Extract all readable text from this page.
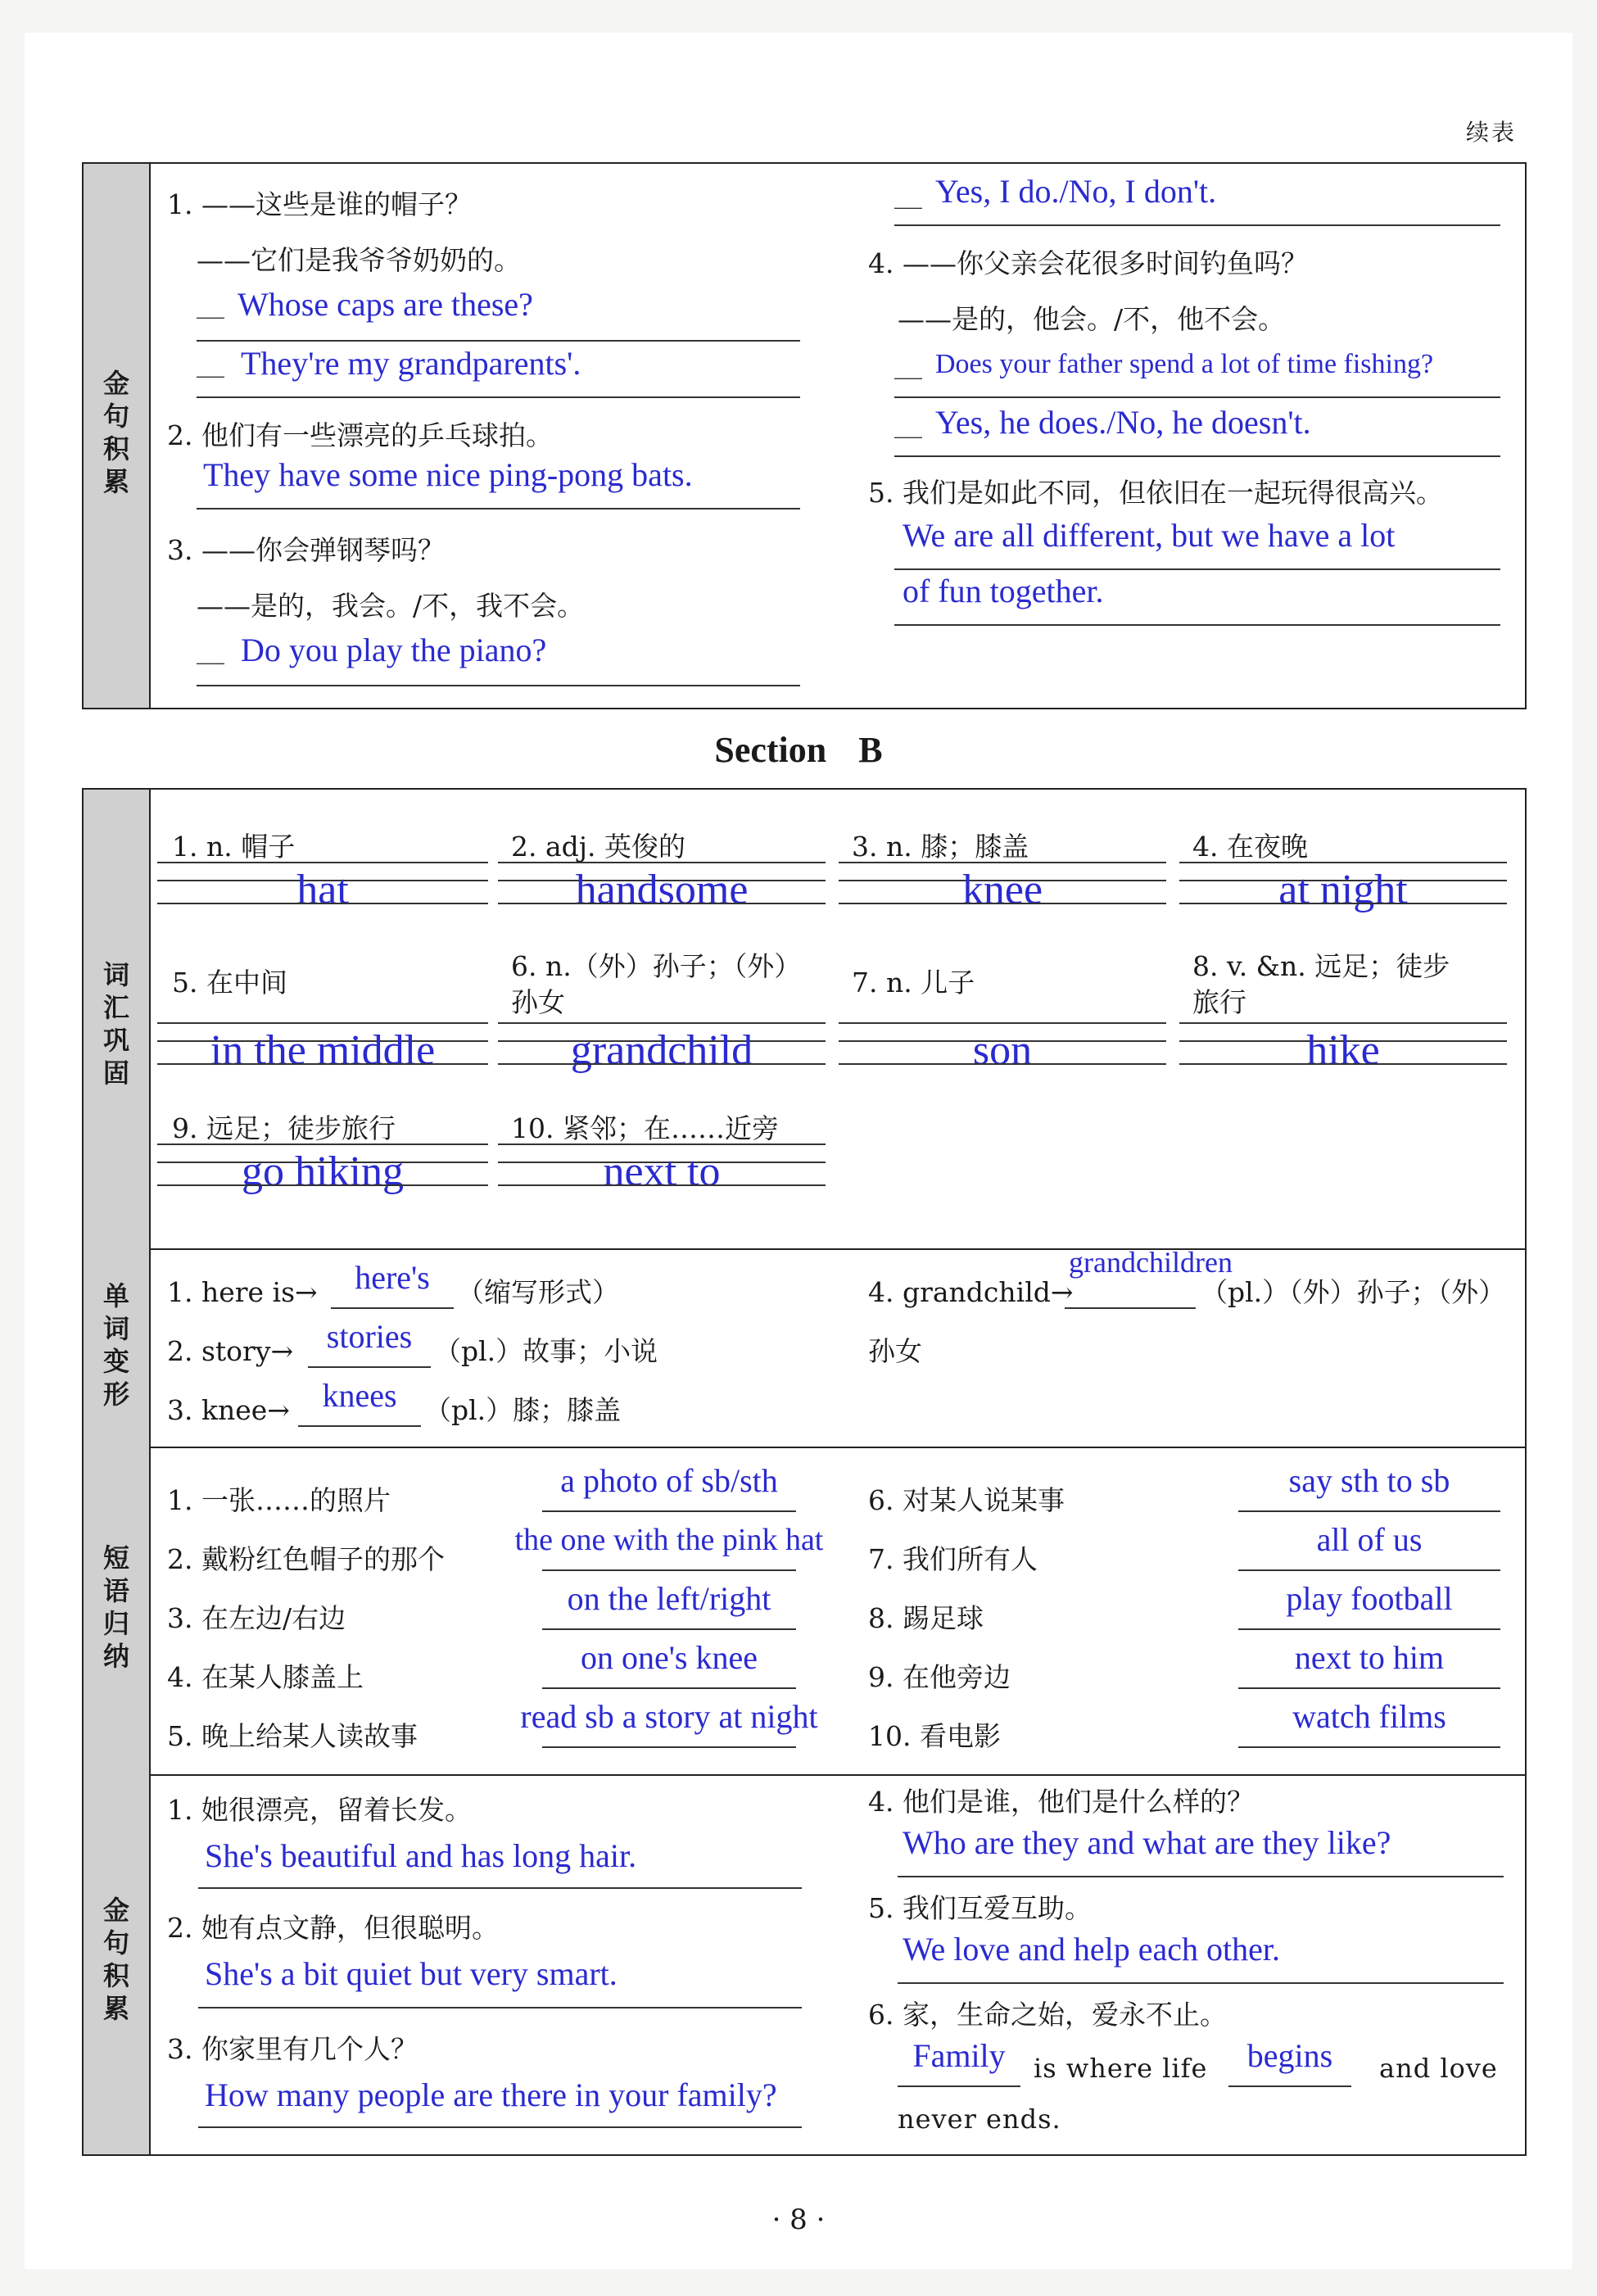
续表
金句积累
1. ——这些是谁的帽子？
——它们是我爷爷奶奶的。
__ Whose caps are these?
__ They're my grandparents'.
2. 他们有一些漂亮的乒乓球拍。
They have some nice ping-pong bats.
3. ——你会弹钢琴吗？
——是的，我会。/不，我不会。
__ Do you play the piano?
__ Yes, I do./No, I don't.
4. ——你父亲会花很多时间钓鱼吗？
——是的，他会。/不，他不会。
__ Does your father spend a lot of time fishing?
__ Yes, he does./No, he doesn't.
5. 我们是如此不同，但依旧在一起玩得很高兴。
We are all different, but we have a lot
of fun together.
Section B
词汇巩固
单词变形
短语归纳
金句积累
1. n. 帽子
hat
2. adj. 英俊的
handsome
3. n. 膝；膝盖
knee
4. 在夜晚
at night
5. 在中间
in the middle
6. n.（外）孙子；（外）
孙女
grandchild
7. n. 儿子
son
8. v. &n. 远足；徒步
旅行
hike
9. 远足；徒步旅行
go hiking
10. 紧邻；在……近旁
next to
1. here is→	here's	（缩写形式）
2. story→	stories （pl.）故事；小说
3. knee→ knees	（pl.）膝；膝盖
4. grandchild→
grandchildren
（pl.）（外）孙子；（外）
孙女
1. 一张……的照片
a photo of sb/sth
2. 戴粉红色帽子的那个
the one with the pink hat
3. 在左边/右边
on the left/right
4. 在某人膝盖上
on one's knee
5. 晚上给某人读故事
read sb a story at night
6. 对某人说某事
say sth to sb
7. 我们所有人
all of us
8. 踢足球
play football
9. 在他旁边
next to him
10. 看电影
watch films
1. 她很漂亮，留着长发。
She's beautiful and has long hair.
2. 她有点文静，但很聪明。
She's a bit quiet but very smart.
3. 你家里有几个人？
How many people are there in your family?
4. 他们是谁，他们是什么样的？
Who are they and what are they like?
5. 我们互爱互助。
We love and help each other.
6. 家，生命之始，爱永不止。
Family	is where life	begins	and love
never ends.
· 8 ·
